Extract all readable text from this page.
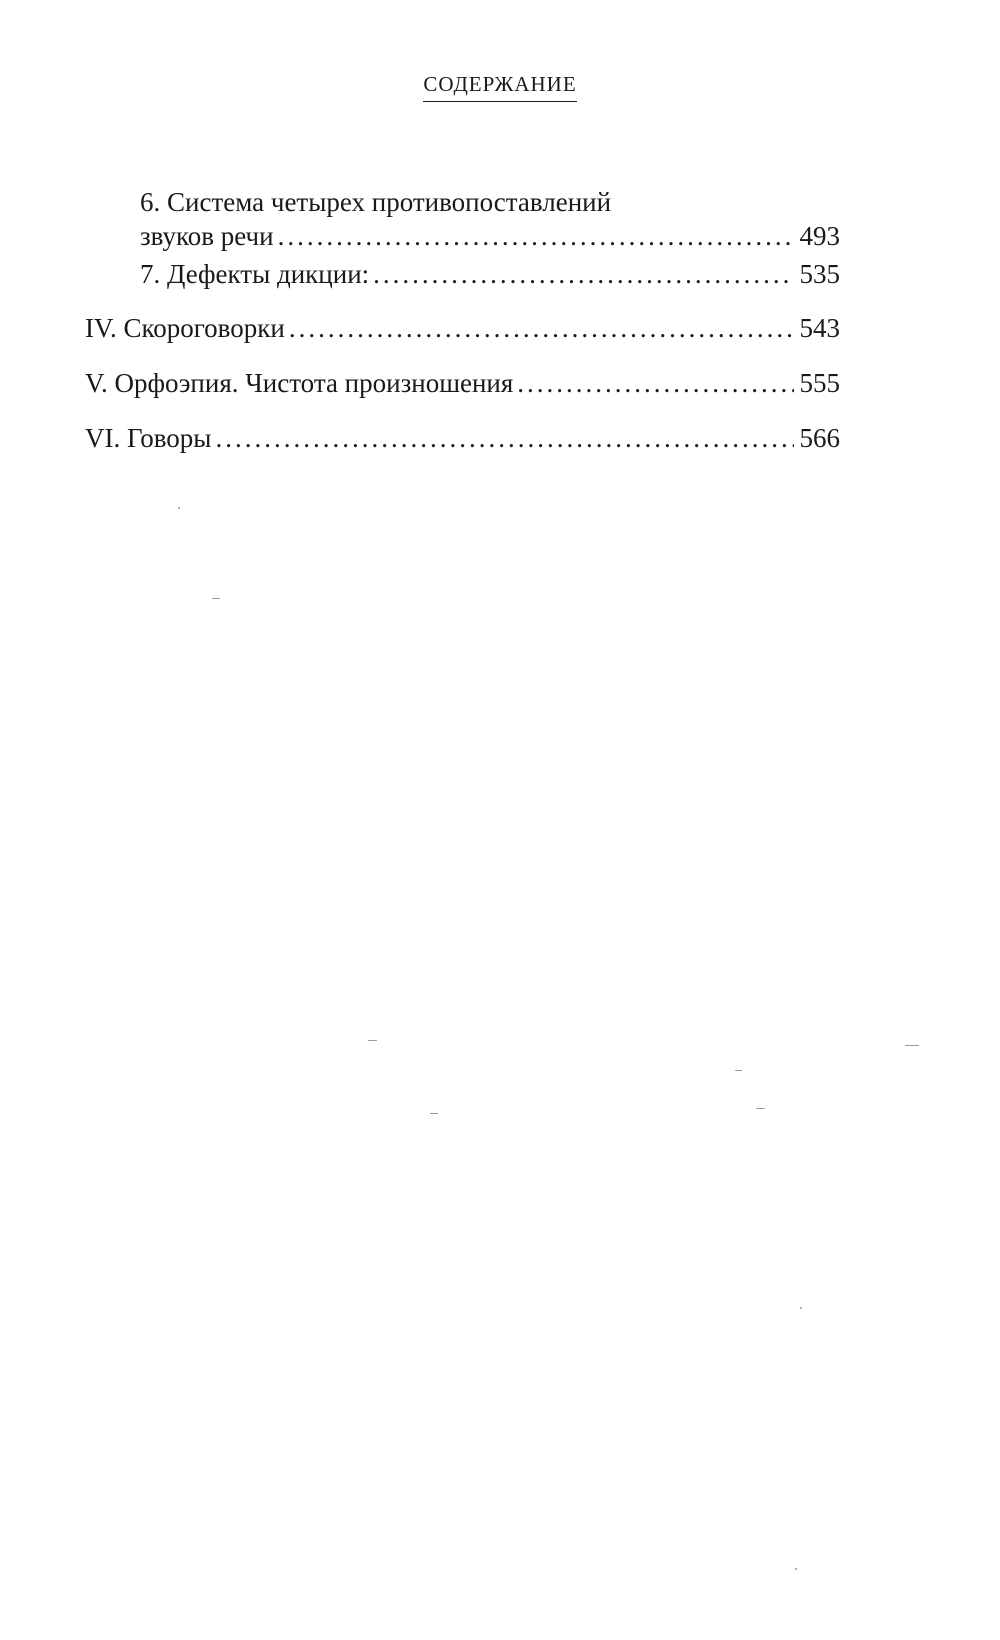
СОДЕРЖАНИЕ
6. Система четырех противопоставлений
звуков речи .....	493
7. Дефекты дикции: .....	535
IV. Скороговорки .....	543
V. Орфоэпия. Чистота произношения .....	555
VI. Говоры .....	566
